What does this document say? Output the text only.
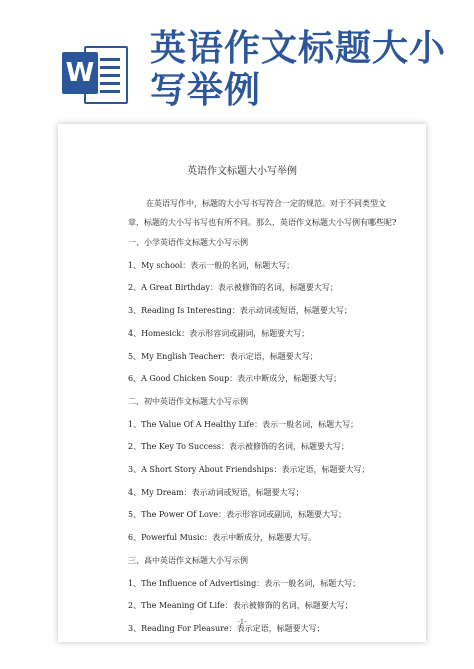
W
英语作文标题大小写举例
英语作文标题大小写举例
在英语写作中，标题的大小写书写符合一定的规范。对于不同类型文章，标题的大小写书写也有所不同。那么，英语作文标题大小写例有哪些呢?
一、小学英语作文标题大小写示例
1、My school：表示一般的名词，标题大写；
2、A Great Birthday：表示被修饰的名词，标题要大写；
3、Reading Is Interesting：表示动词或短语，标题要大写；
4、Homesick：表示形容词或副词，标题要大写；
5、My English Teacher：表示定语，标题要大写；
6、A Good Chicken Soup：表示中断成分，标题要大写；
二、初中英语作文标题大小写示例
1、The Value Of A Healthy Life：表示一般名词，标题大写；
2、The Key To Success：表示被修饰的名词，标题要大写；
3、A Short Story About Friendships：表示定语，标题要大写；
4、My Dream：表示动词或短语，标题要大写；
5、The Power Of Love：表示形容词或副词，标题要大写；
6、Powerful Music：表示中断成分，标题要大写。
三、高中英语作文标题大小写示例
1、The Influence of Advertising：表示一般名词，标题大写；
2、The Meaning Of Life：表示被修饰的名词，标题要大写；
3、Reading For Pleasure：表示定语，标题要大写；
-1-
